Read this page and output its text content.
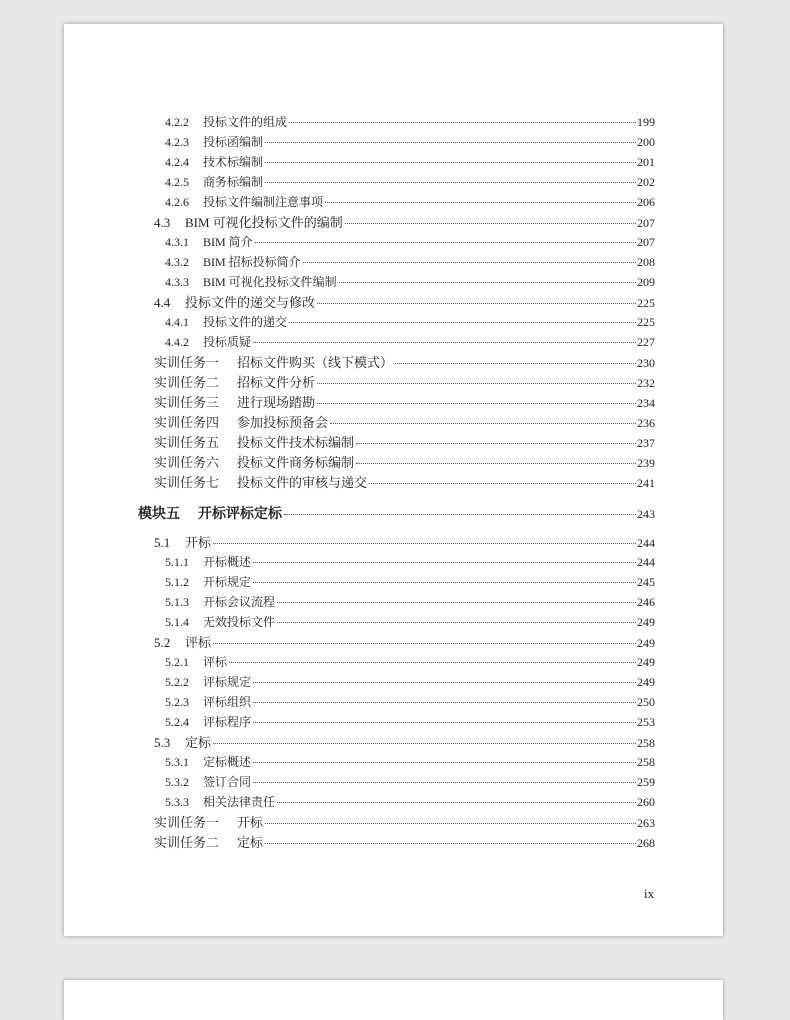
4.2.2	投标文件的组成	199
4.2.3	投标函编制	200
4.2.4	技术标编制	201
4.2.5	商务标编制	202
4.2.6	投标文件编制注意事项	206
4.3	BIM 可视化投标文件的编制	207
4.3.1	BIM 简介	207
4.3.2	BIM 招标投标简介	208
4.3.3	BIM 可视化投标文件编制	209
4.4	投标文件的递交与修改	225
4.4.1	投标文件的递交	225
4.4.2	投标质疑	227
实训任务一	招标文件购买（线下模式）	230
实训任务二	招标文件分析	232
实训任务三	进行现场踏勘	234
实训任务四	参加投标预备会	236
实训任务五	投标文件技术标编制	237
实训任务六	投标文件商务标编制	239
实训任务七	投标文件的审核与递交	241
模块五	开标评标定标	243
5.1	开标	244
5.1.1	开标概述	244
5.1.2	开标规定	245
5.1.3	开标会议流程	246
5.1.4	无效投标文件	249
5.2	评标	249
5.2.1	评标	249
5.2.2	评标规定	249
5.2.3	评标组织	250
5.2.4	评标程序	253
5.3	定标	258
5.3.1	定标概述	258
5.3.2	签订合同	259
5.3.3	相关法律责任	260
实训任务一	开标	263
实训任务二	定标	268
ix
